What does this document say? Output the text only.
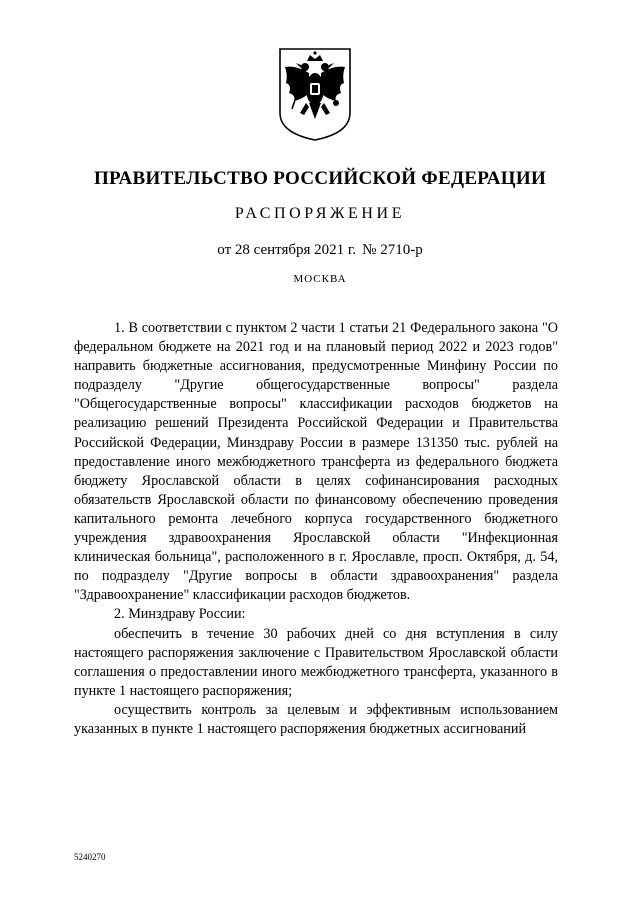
ПРАВИТЕЛЬСТВО РОССИЙСКОЙ ФЕДЕРАЦИИ
РАСПОРЯЖЕНИЕ
от 28 сентября 2021 г. № 2710-р
МОСКВА

1. В соответствии с пунктом 2 части 1 статьи 21 Федерального закона "О федеральном бюджете на 2021 год и на плановый период 2022 и 2023 годов" направить бюджетные ассигнования, предусмотренные Минфину России по подразделу "Другие общегосударственные вопросы" раздела "Общегосударственные вопросы" классификации расходов бюджетов на реализацию решений Президента Российской Федерации и Правительства Российской Федерации, Минздраву России в размере 131350 тыс. рублей на предоставление иного межбюджетного трансферта из федерального бюджета бюджету Ярославской области в целях софинансирования расходных обязательств Ярославской области по финансовому обеспечению проведения капитального ремонта лечебного корпуса государственного бюджетного учреждения здравоохранения Ярославской области "Инфекционная клиническая больница", расположенного в г. Ярославле, просп. Октября, д. 54, по подразделу "Другие вопросы в области здравоохранения" раздела "Здравоохранение" классификации расходов бюджетов.

2. Минздраву России:

обеспечить в течение 30 рабочих дней со дня вступления в силу настоящего распоряжения заключение с Правительством Ярославской области соглашения о предоставлении иного межбюджетного трансферта, указанного в пункте 1 настоящего распоряжения;

осуществить контроль за целевым и эффективным использованием указанных в пункте 1 настоящего распоряжения бюджетных ассигнований

5240270
